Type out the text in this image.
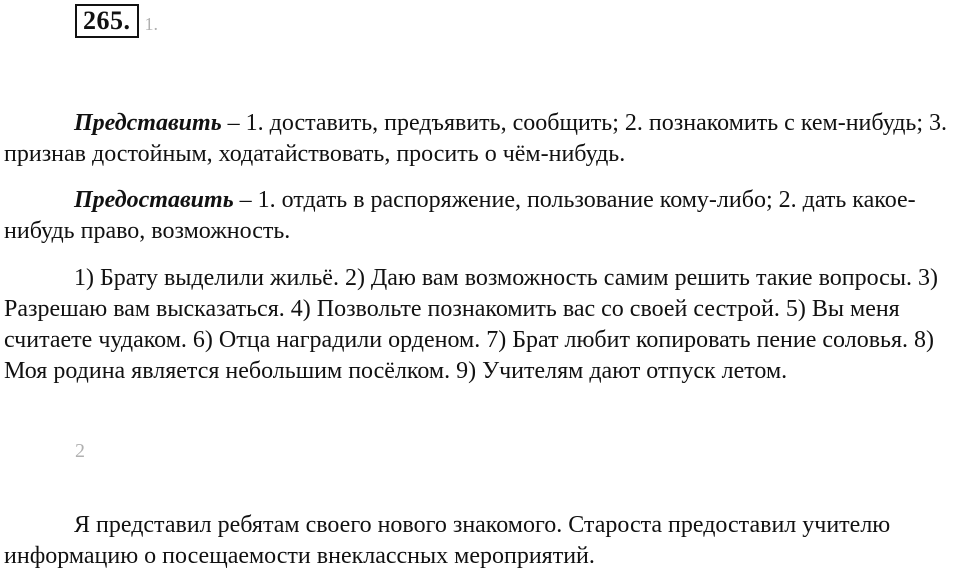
265. 1.

Представить – 1. доставить, предъявить, сообщить; 2. познакомить с кем-нибудь; 3. признав достойным, ходатайствовать, просить о чём-нибудь.

Предоставить – 1. отдать в распоряжение, пользование кому-либо; 2. дать какое-нибудь право, возможность.

1) Брату выделили жильё. 2) Даю вам возможность самим решить такие вопросы. 3) Разрешаю вам высказаться. 4) Позвольте познакомить вас со своей сестрой. 5) Вы меня считаете чудаком. 6) Отца наградили орденом. 7) Брат любит копировать пение соловья. 8) Моя родина является небольшим посёлком. 9) Учителям дают отпуск летом.

2

Я представил ребятам своего нового знакомого. Староста предоставил учителю информацию о посещаемости внеклассных мероприятий.
